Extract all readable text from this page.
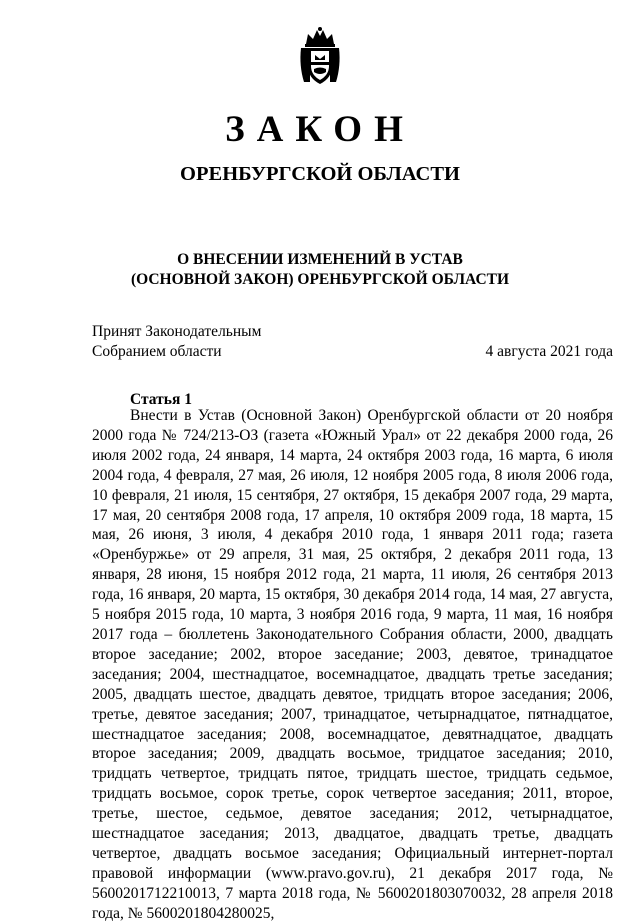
ЗАКОН
ОРЕНБУРГСКОЙ ОБЛАСТИ
О ВНЕСЕНИИ ИЗМЕНЕНИЙ В УСТАВ
(ОСНОВНОЙ ЗАКОН) ОРЕНБУРГСКОЙ ОБЛАСТИ
Принят Законодательным
Собранием области	4 августа 2021 года
Статья 1
Внести в Устав (Основной Закон) Оренбургской области от 20 ноября 2000 года № 724/213-ОЗ (газета «Южный Урал» от 22 декабря 2000 года, 26 июля 2002 года, 24 января, 14 марта, 24 октября 2003 года, 16 марта, 6 июля 2004 года, 4 февраля, 27 мая, 26 июля, 12 ноября 2005 года, 8 июля 2006 года, 10 февраля, 21 июля, 15 сентября, 27 октября, 15 декабря 2007 года, 29 марта, 17 мая, 20 сентября 2008 года, 17 апреля, 10 октября 2009 года, 18 марта, 15 мая, 26 июня, 3 июля, 4 декабря 2010 года, 1 января 2011 года; газета «Оренбуржье» от 29 апреля, 31 мая, 25 октября, 2 декабря 2011 года, 13 января, 28 июня, 15 ноября 2012 года, 21 марта, 11 июля, 26 сентября 2013 года, 16 января, 20 марта, 15 октября, 30 декабря 2014 года, 14 мая, 27 августа, 5 ноября 2015 года, 10 марта, 3 ноября 2016 года, 9 марта, 11 мая, 16 ноября 2017 года – бюллетень Законодательного Собрания области, 2000, двадцать второе заседание; 2002, второе заседание; 2003, девятое, тринадцатое заседания; 2004, шестнадцатое, восемнадцатое, двадцать третье заседания; 2005, двадцать шестое, двадцать девятое, тридцать второе заседания; 2006, третье, девятое заседания; 2007, тринадцатое, четырнадцатое, пятнадцатое, шестнадцатое заседания; 2008, восемнадцатое, девятнадцатое, двадцать второе заседания; 2009, двадцать восьмое, тридцатое заседания; 2010, тридцать четвертое, тридцать пятое, тридцать шестое, тридцать седьмое, тридцать восьмое, сорок третье, сорок четвертое заседания; 2011, второе, третье, шестое, седьмое, девятое заседания; 2012, четырнадцатое, шестнадцатое заседания; 2013, двадцатое, двадцать третье, двадцать четвертое, двадцать восьмое заседания; Официальный интернет-портал правовой информации (www.pravo.gov.ru), 21 декабря 2017 года, № 5600201712210013, 7 марта 2018 года, № 5600201803070032, 28 апреля 2018 года, № 5600201804280025,
